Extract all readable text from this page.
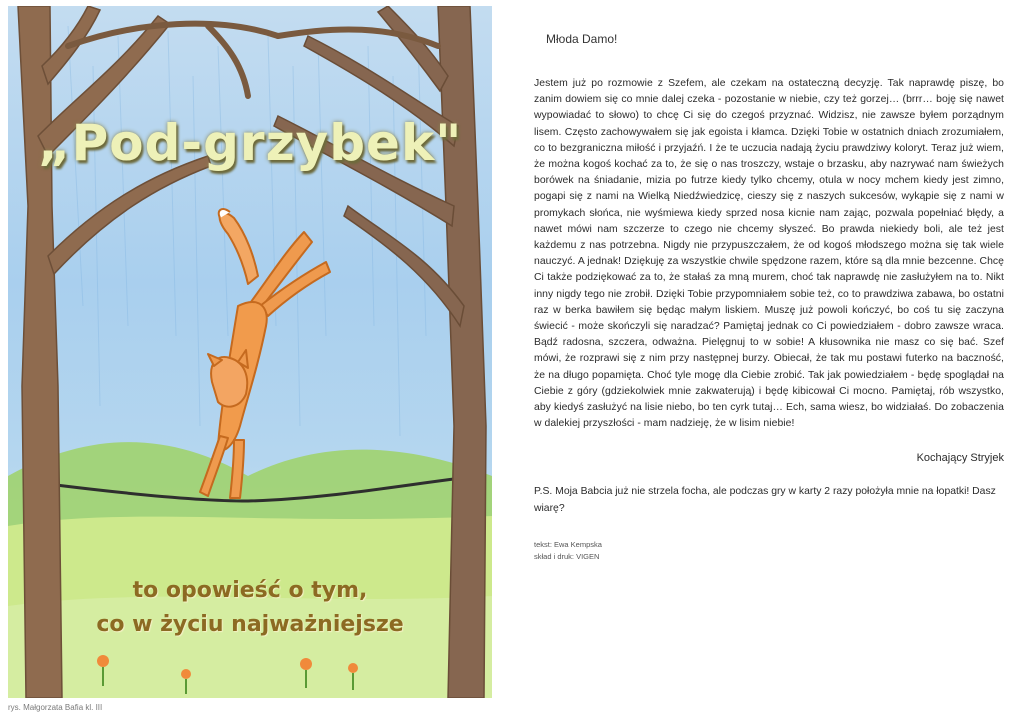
„Pod-grzybek"
to opowieść o tym,
co w życiu najważniejsze
rys. Małgorzata Bafia kl. III
Młoda Damo!

Jestem już po rozmowie z Szefem, ale czekam na ostateczną decyzję. Tak naprawdę piszę, bo zanim dowiem się co mnie dalej czeka - pozostanie w niebie, czy też gorzej… (brrr… boję się nawet wypowiadać to słowo) to chcę Ci się do czegoś przyznać. Widzisz, nie zawsze byłem porządnym lisem. Często zachowywałem się jak egoista i kłamca. Dzięki Tobie w ostatnich dniach zrozumiałem, co to bezgraniczna miłość i przyjaźń. I że te uczucia nadają życiu prawdziwy koloryt. Teraz już wiem, że można kogoś kochać za to, że się o nas troszczy, wstaje o brzasku, aby nazrywać nam świeżych borówek na śniadanie, mizia po futrze kiedy tylko chcemy, otula w nocy mchem kiedy jest zimno, pogapi się z nami na Wielką Niedźwiedzicę, cieszy się z naszych sukcesów, wykąpie się z nami w promykach słońca, nie wyśmiewa kiedy sprzed nosa kicnie nam zając, pozwala popełniać błędy, a nawet mówi nam szczerze to czego nie chcemy słyszeć. Bo prawda niekiedy boli, ale też jest każdemu z nas potrzebna. Nigdy nie przypuszczałem, że od kogoś młodszego można się tak wiele nauczyć. A jednak! Dziękuję za wszystkie chwile spędzone razem, które są dla mnie bezcenne. Chcę Ci także podziękować za to, że stałaś za mną murem, choć tak naprawdę nie zasłużyłem na to. Nikt inny nigdy tego nie zrobił. Dzięki Tobie przypomniałem sobie też, co to prawdziwa zabawa, bo ostatni raz w berka bawiłem się będąc małym liskiem. Muszę już powoli kończyć, bo coś tu się zaczyna świecić - może skończyli się naradzać? Pamiętaj jednak co Ci powiedziałem - dobro zawsze wraca. Bądź radosna, szczera, odważna. Pielęgnuj to w sobie! A kłusownika nie masz co się bać. Szef mówi, że rozprawi się z nim przy następnej burzy. Obiecał, że tak mu postawi futerko na baczność, że na długo popamięta. Choć tyle mogę dla Ciebie zrobić. Tak jak powiedziałem - będę spoglądał na Ciebie z góry (gdziekolwiek mnie zakwaterują) i będę kibicował Ci mocno. Pamiętaj, rób wszystko, aby kiedyś zasłużyć na lisie niebo, bo ten cyrk tutaj… Ech, sama wiesz, bo widziałaś. Do zobaczenia w dalekiej przyszłości - mam nadzieję, że w lisim niebie!

Kochający Stryjek

P.S. Moja Babcia już nie strzela focha, ale podczas gry w karty 2 razy położyła mnie na łopatki! Dasz wiarę?

tekst: Ewa Kempska
skład i druk: VIGEN
